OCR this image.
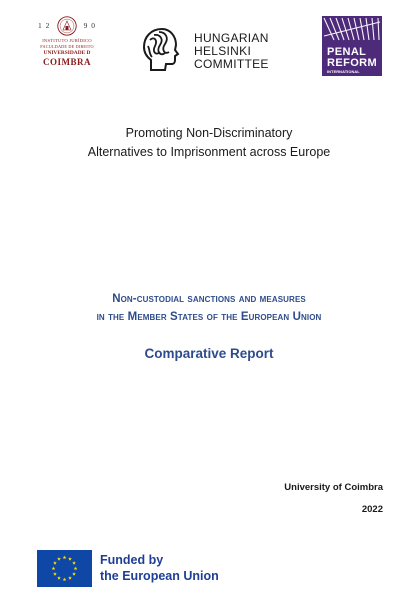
1 2	9 0
INSTITUTO JURÍDICO
FACULDADE DE DIREITO
UNIVERSIDADE D
COIMBRA
HUNGARIAN
HELSINKI
COMMITTEE
PENAL
REFORM
INTERNATIONAL
Promoting Non-Discriminatory
Alternatives to Imprisonment across Europe
Non-custodial sanctions and measures
in the Member States of the European Union
Comparative Report
University of Coimbra
2022
Funded by
the European Union
